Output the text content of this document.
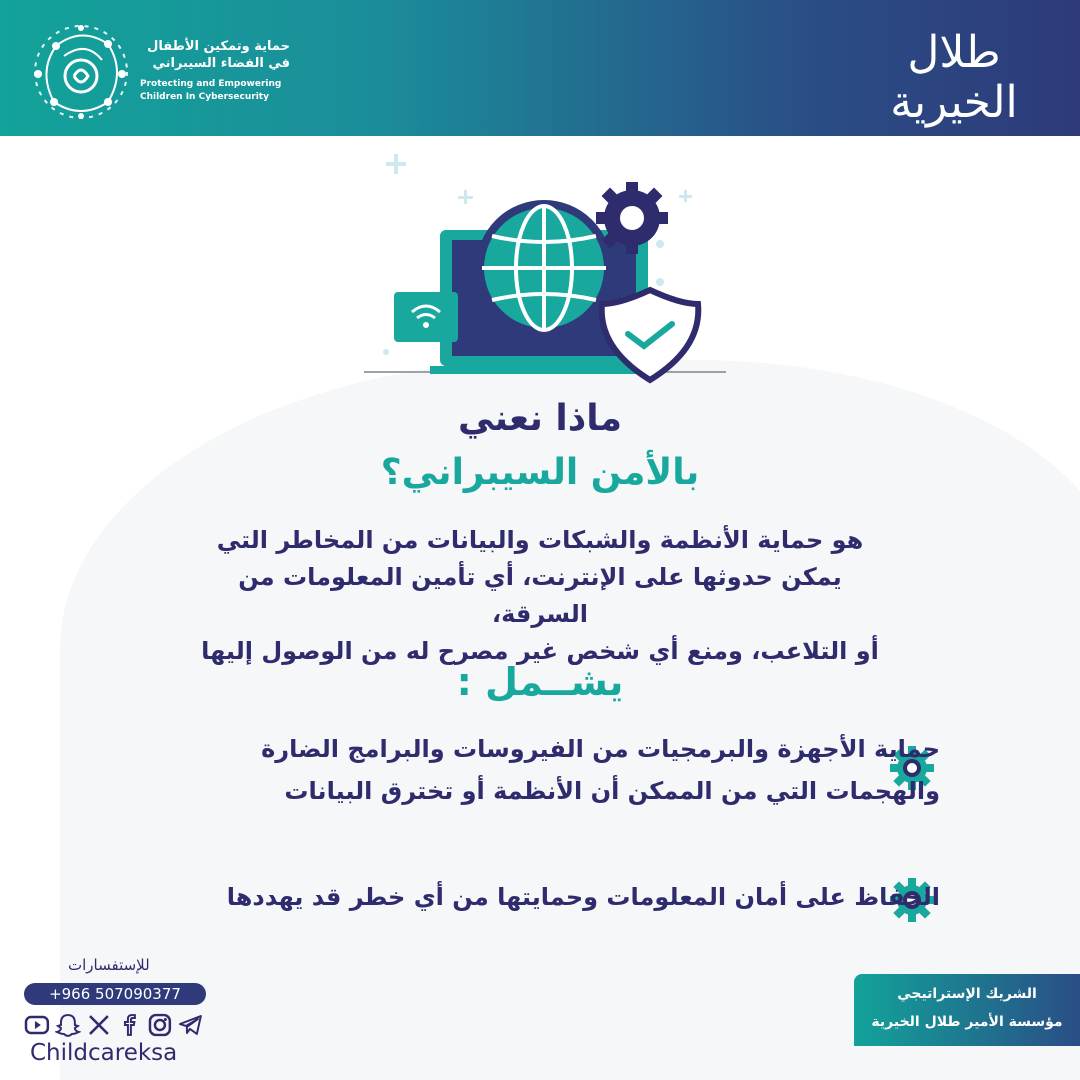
حماية وتمكين الأطفال
في الفضاء السيبراني
Protecting and Empowering
Children In Cybersecurity
طلال الخيرية
TALAL FOUNDATION
الاستثمــار فــي الإنســان
ماذا نعني
بالأمن السيبراني؟
هو حماية الأنظمة والشبكات والبيانات من المخاطر التي
يمكن حدوثها على الإنترنت، أي تأمين المعلومات من السرقة،
أو التلاعب، ومنع أي شخص غير مصرح له من الوصول إليها
يشــمل :
حماية الأجهزة والبرمجيات من الفيروسات والبرامج الضارة
والهجمات التي من الممكن أن الأنظمة أو تخترق البيانات
الحفاظ على أمان المعلومات وحمايتها من أي خطر قد يهددها
للإستفسارات
+966 507090377
Childcareksa
الشريك الإستراتيجي
مؤسسة الأمير طلال الخيرية
